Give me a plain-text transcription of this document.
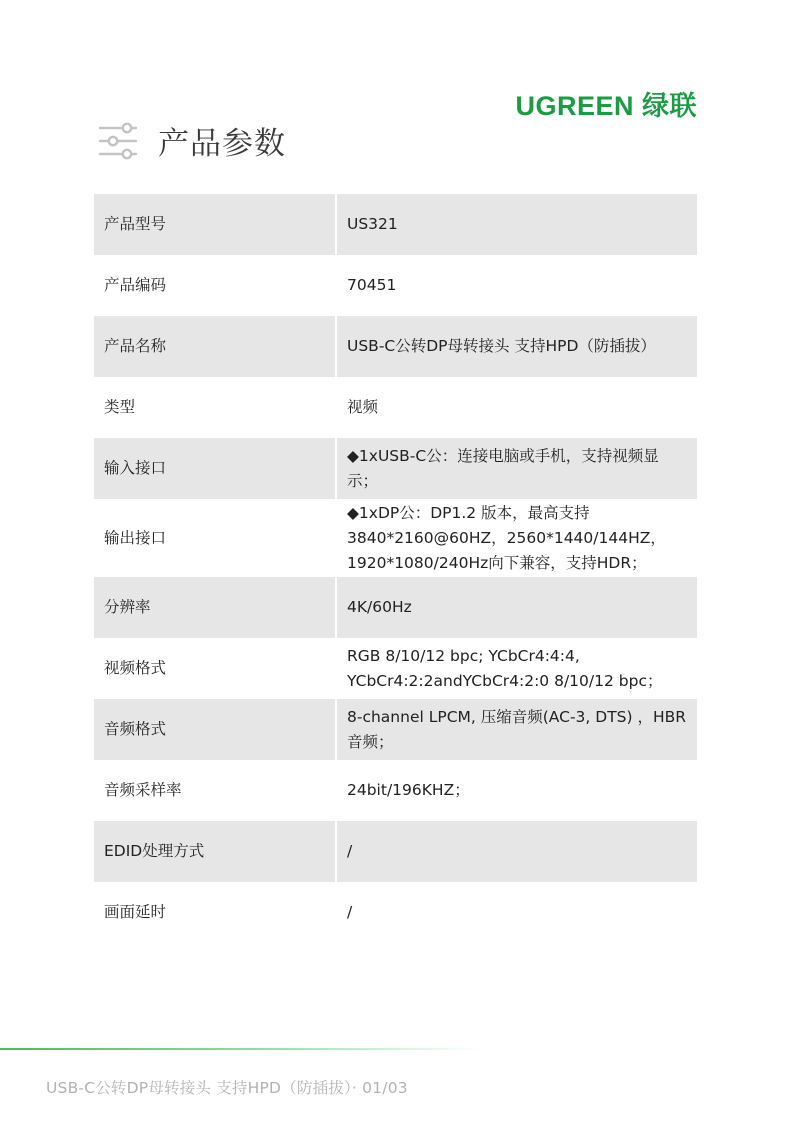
UGREEN 绿联
产品参数
产品型号	US321
产品编码	70451
产品名称	USB-C公转DP母转接头 支持HPD（防插拔）
类型	视频
输入接口	◆1xUSB-C公：连接电脑或手机，支持视频显示；
输出接口	◆1xDP公：DP1.2 版本，最高支持3840*2160@60HZ，2560*1440/144HZ，1920*1080/240Hz向下兼容，支持HDR；
分辨率	4K/60Hz
视频格式	RGB 8/10/12 bpc; YCbCr4:4:4, YCbCr4:2:2andYCbCr4:2:0 8/10/12 bpc；
音频格式	8-channel LPCM, 压缩音频(AC-3, DTS) ，HBR音频；
音频采样率	24bit/196KHZ；
EDID处理方式	/
画面延时	/
USB-C公转DP母转接头 支持HPD（防插拔）· 01/03
